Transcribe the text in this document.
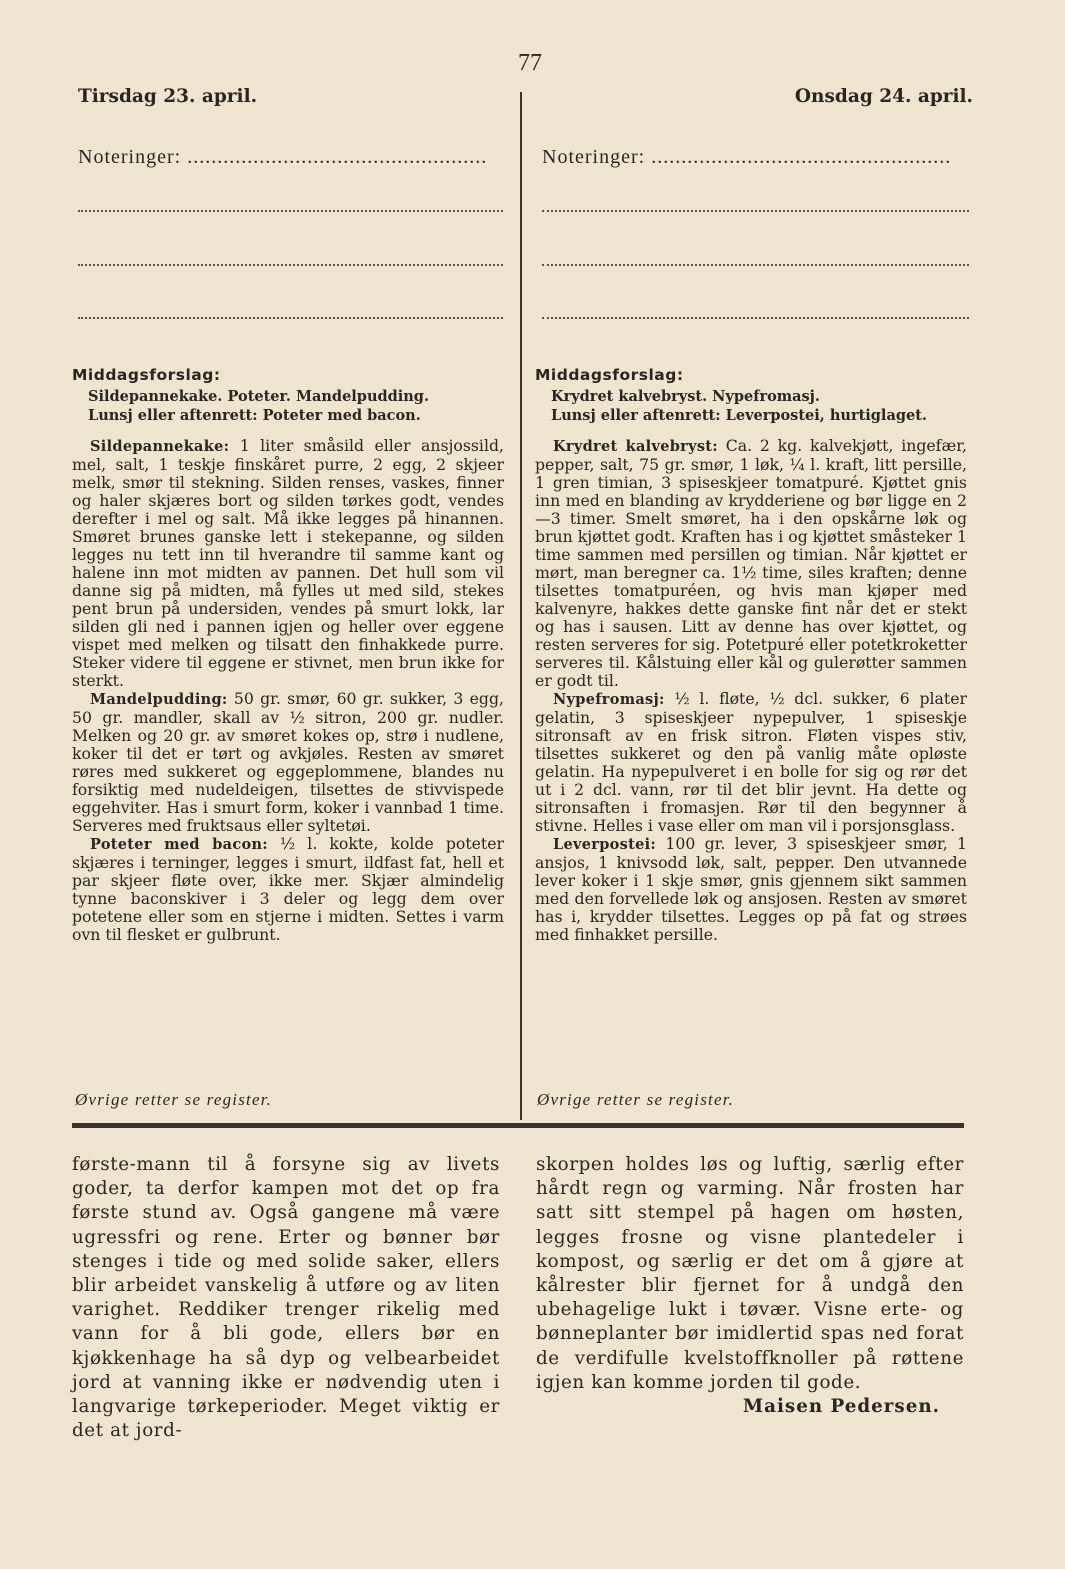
77
Tirsdag 23. april.
Noteringer: ..................................................
Middagsforslag:
Sildepannekake. Poteter. Mandelpudding.
Lunsj eller aftenrett: Poteter med bacon.

Sildepannekake: 1 liter småsild eller ansjossild, mel, salt, 1 teskje finskåret purre, 2 egg, 2 skjeer melk, smør til stekning. Silden renses, vaskes, finner og haler skjæres bort og silden tørkes godt, vendes derefter i mel og salt. Må ikke legges på hinannen. Smøret brunes ganske lett i stekepanne, og silden legges nu tett inn til hverandre til samme kant og halene inn mot midten av pannen. Det hull som vil danne sig på midten, må fylles ut med sild, stekes pent brun på undersiden, vendes på smurt lokk, lar silden gli ned i pannen igjen og heller over eggene vispet med melken og tilsatt den finhakkede purre. Steker videre til eggene er stivnet, men brun ikke for sterkt.

Mandelpudding: 50 gr. smør, 60 gr. sukker, 3 egg, 50 gr. mandler, skall av ½ sitron, 200 gr. nudler. Melken og 20 gr. av smøret kokes op, strø i nudlene, koker til det er tørt og avkjøles. Resten av smøret røres med sukkeret og eggeplommene, blandes nu forsiktig med nudeldeigen, tilsettes de stivvispede eggehviter. Has i smurt form, koker i vannbad 1 time. Serveres med fruktsaus eller syltetøi.

Poteter med bacon: ½ l. kokte, kolde poteter skjæres i terninger, legges i smurt, ildfast fat, hell et par skjeer fløte over, ikke mer. Skjær almindelig tynne baconskiver i 3 deler og legg dem over potetene eller som en stjerne i midten. Settes i varm ovn til flesket er gulbrunt.

Øvrige retter se register.
Onsdag 24. april.
Noteringer: ..................................................
Middagsforslag:
Krydret kalvebryst. Nypefromasj.
Lunsj eller aftenrett: Leverpostei, hurtiglaget.

Krydret kalvebryst: Ca. 2 kg. kalvekjøtt, ingefær, pepper, salt, 75 gr. smør, 1 løk, ¼ l. kraft, litt persille, 1 gren timian, 3 spiseskjeer tomatpuré. Kjøttet gnis inn med en blanding av krydderiene og bør ligge en 2—3 timer. Smelt smøret, ha i den opskårne løk og brun kjøttet godt. Kraften has i og kjøttet småsteker 1 time sammen med persillen og timian. Når kjøttet er mørt, man beregner ca. 1½ time, siles kraften; denne tilsettes tomatpuréen, og hvis man kjøper med kalvenyre, hakkes dette ganske fint når det er stekt og has i sausen. Litt av denne has over kjøttet, og resten serveres for sig. Potetpuré eller potetkroketter serveres til. Kålstuing eller kål og gulerøtter sammen er godt til.

Nypefromasj: ½ l. fløte, ½ dcl. sukker, 6 plater gelatin, 3 spiseskjeer nypepulver, 1 spiseskje sitronsaft av en frisk sitron. Fløten vispes stiv, tilsettes sukkeret og den på vanlig måte opløste gelatin. Ha nypepulveret i en bolle for sig og rør det ut i 2 dcl. vann, rør til det blir jevnt. Ha dette og sitronsaften i fromasjen. Rør til den begynner å stivne. Helles i vase eller om man vil i porsjonsglass.

Leverpostei: 100 gr. lever, 3 spiseskjeer smør, 1 ansjos, 1 knivsodd løk, salt, pepper. Den utvannede lever koker i 1 skje smør, gnis gjennem sikt sammen med den forvellede løk og ansjosen. Resten av smøret has i, krydder tilsettes. Legges op på fat og strøes med finhakket persille.

Øvrige retter se register.
første-mann til å forsyne sig av livets goder, ta derfor kampen mot det op fra første stund av. Også gangene må være ugressfri og rene. Erter og bønner bør stenges i tide og med solide saker, ellers blir arbeidet vanskelig å utføre og av liten varighet. Reddiker trenger rikelig med vann for å bli gode, ellers bør en kjøkkenhage ha så dyp og velbearbeidet jord at vanning ikke er nødvendig uten i langvarige tørkeperioder. Meget viktig er det at jord-
skorpen holdes løs og luftig, særlig efter hårdt regn og varming. Når frosten har satt sitt stempel på hagen om høsten, legges frosne og visne plantedeler i kompost, og særlig er det om å gjøre at kålrester blir fjernet for å undgå den ubehagelige lukt i tøvær. Visne erte- og bønneplanter bør imidlertid spas ned forat de verdifulle kvelstoffknoller på røttene igjen kan komme jorden til gode.
Maisen Pedersen.
